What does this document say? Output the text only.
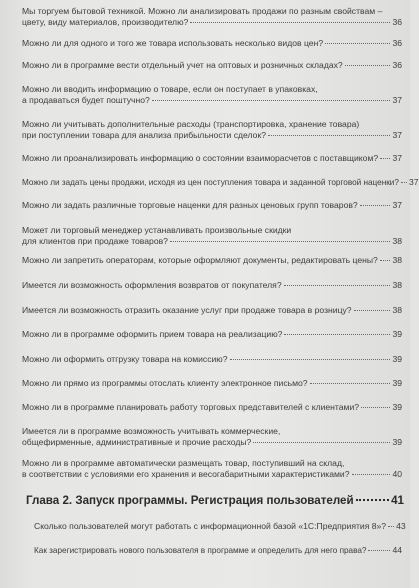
Мы торгуем бытовой техникой. Можно ли анализировать продажи по разным свойствам –
цвету, виду материалов, производителю?	36
Можно ли для одного и того же товара использовать несколько видов цен?	36
Можно ли в программе вести отдельный учет на оптовых и розничных складах?	36
Можно ли вводить информацию о товаре, если он поступает в упаковках,
а продаваться будет поштучно?	37
Можно ли учитывать дополнительные расходы (транспортировка, хранение товара)
при поступлении товара для анализа прибыльности сделок?	37
Можно ли проанализировать информацию о состоянии взаиморасчетов с поставщиком? 37
Можно ли задать цены продажи, исходя из цен поступления товара и заданной торговой наценки? 37
Можно ли задать различные торговые наценки для разных ценовых групп товаров?	37
Может ли торговый менеджер устанавливать произвольные скидки
для клиентов при продаже товаров?	38
Можно ли запретить операторам, которые оформляют документы, редактировать цены? 38
Имеется ли возможность оформления возвратов от покупателя?	38
Имеется ли возможность отразить оказание услуг при продаже товара в розницу?	38
Можно ли в программе оформить прием товара на реализацию?	39
Можно ли оформить отгрузку товара на комиссию?	39
Можно ли прямо из программы отослать клиенту электронное письмо?	39
Можно ли в программе планировать работу торговых представителей с клиентами?	39
Имеется ли в программе возможность учитывать коммерческие,
общефирменные, административные и прочие расходы?	39
Можно ли в программе автоматически размещать товар, поступивший на склад,
в соответствии с условиями его хранения и весогабаритными характеристиками?	40
Глава 2. Запуск программы. Регистрация пользователей	41
Сколько пользователей могут работать с информационной базой «1С:Предприятия 8»? 43
Как зарегистрировать нового пользователя в программе и определить для него права?	44
